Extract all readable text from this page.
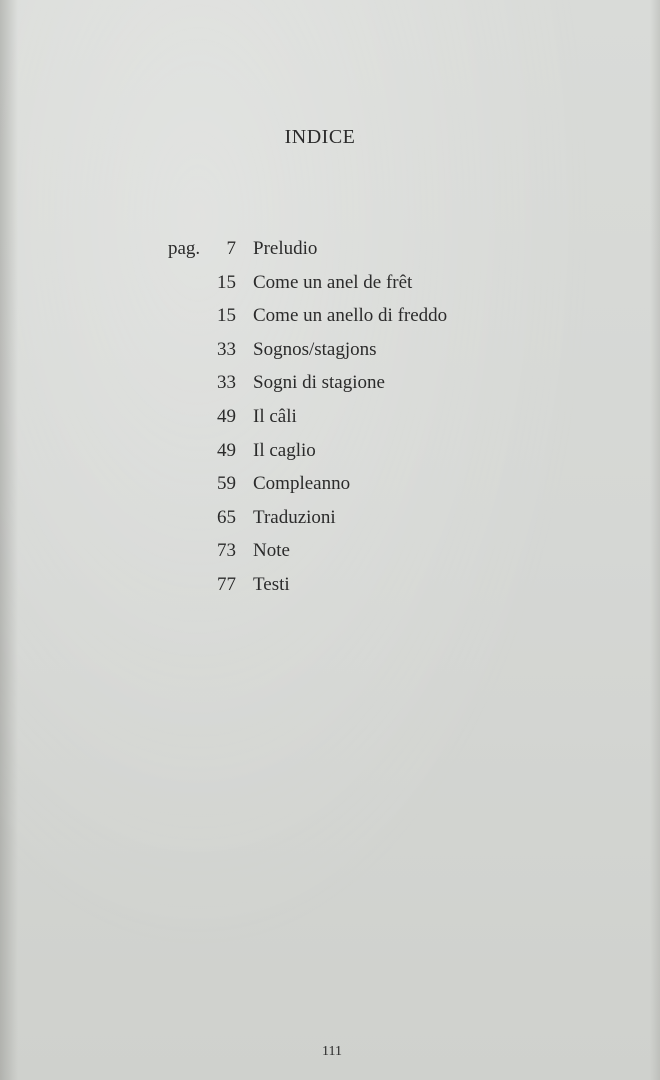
INDICE
pag.	7 Preludio
15 Come un anel de frêt
15 Come un anello di freddo
33 Sognos/stagjons
33 Sogni di stagione
49 Il câli
49 Il caglio
59 Compleanno
65 Traduzioni
73 Note
77 Testi
111
